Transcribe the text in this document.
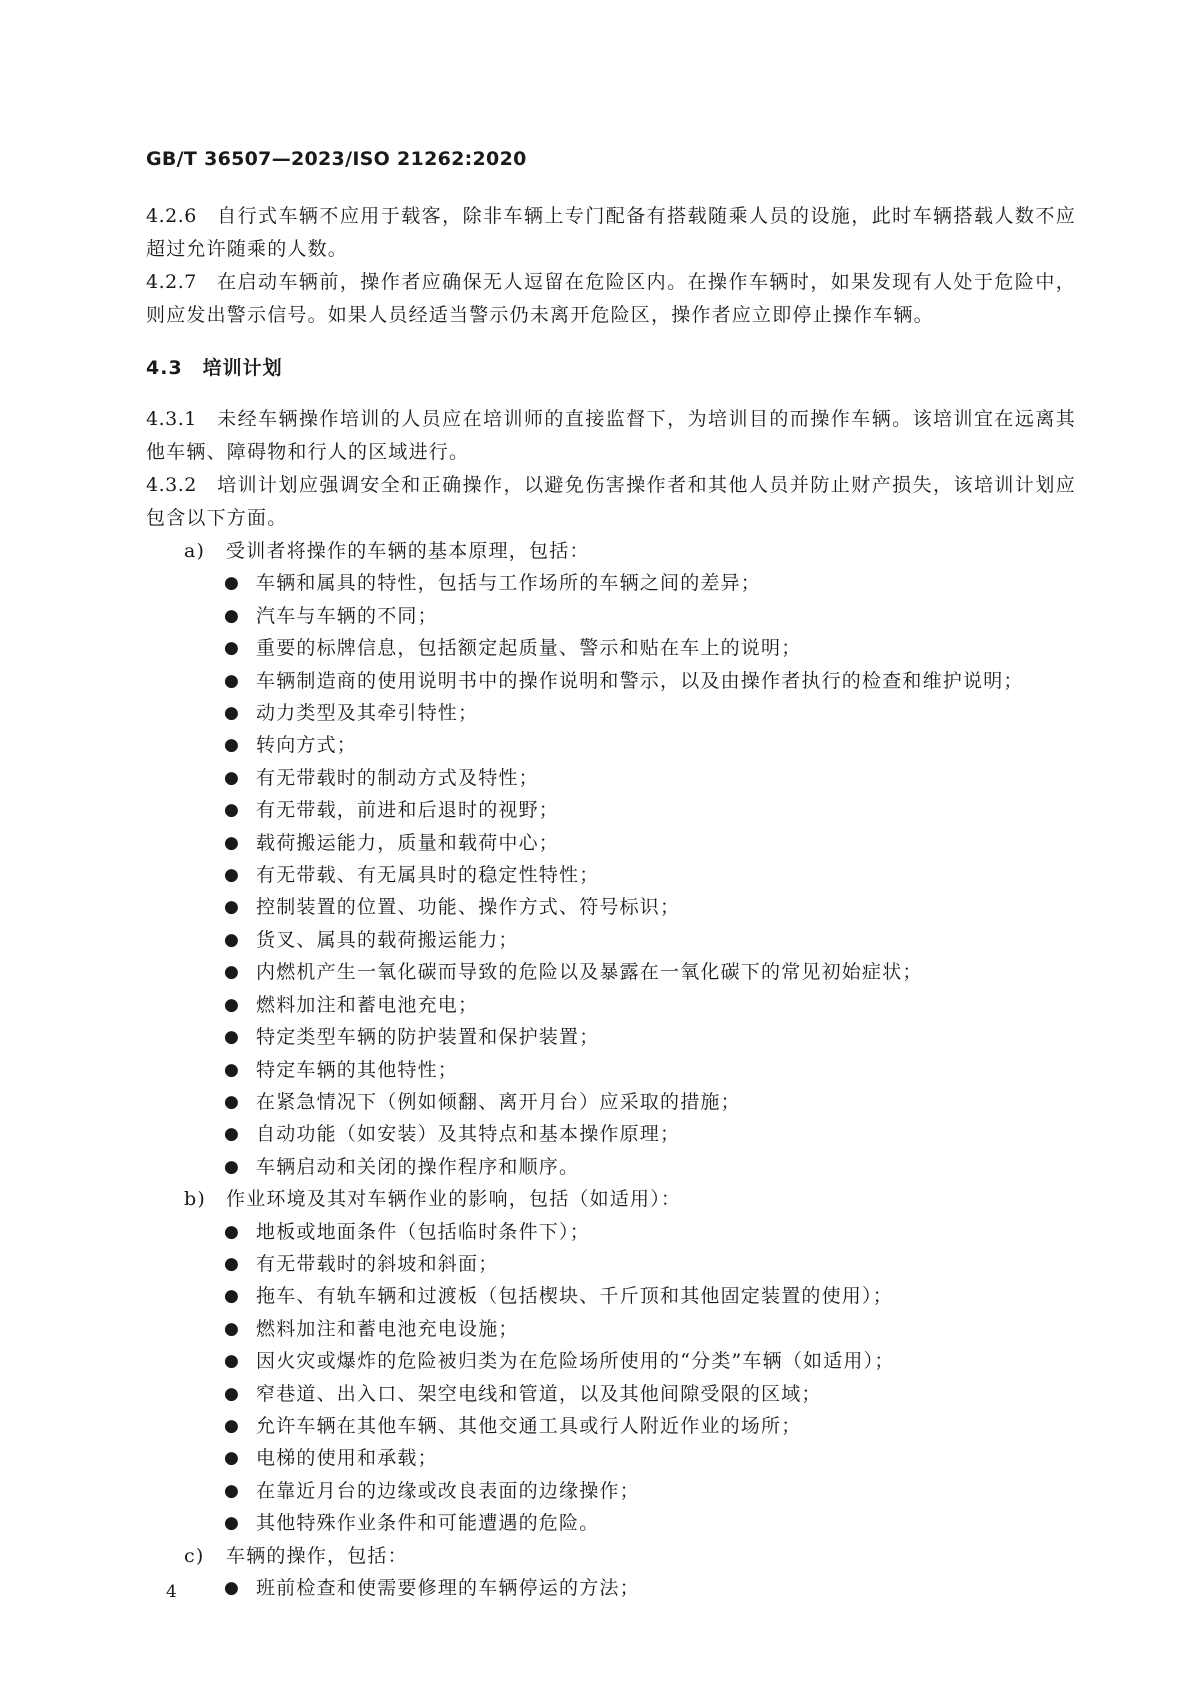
GB/T 36507—2023/ISO 21262:2020

4.2.6 自行式车辆不应用于载客，除非车辆上专门配备有搭载随乘人员的设施，此时车辆搭载人数不应超过允许随乘的人数。

4.2.7 在启动车辆前，操作者应确保无人逗留在危险区内。在操作车辆时，如果发现有人处于危险中，则应发出警示信号。如果人员经适当警示仍未离开危险区，操作者应立即停止操作车辆。

4.3 培训计划

4.3.1 未经车辆操作培训的人员应在培训师的直接监督下，为培训目的而操作车辆。该培训宜在远离其他车辆、障碍物和行人的区域进行。

4.3.2 培训计划应强调安全和正确操作，以避免伤害操作者和其他人员并防止财产损失，该培训计划应包含以下方面。

a) 受训者将操作的车辆的基本原理，包括：

● 车辆和属具的特性，包括与工作场所的车辆之间的差异；
● 汽车与车辆的不同；
● 重要的标牌信息，包括额定起质量、警示和贴在车上的说明；
● 车辆制造商的使用说明书中的操作说明和警示，以及由操作者执行的检查和维护说明；
● 动力类型及其牵引特性；
● 转向方式；
● 有无带载时的制动方式及特性；
● 有无带载，前进和后退时的视野；
● 载荷搬运能力，质量和载荷中心；
● 有无带载、有无属具时的稳定性特性；
● 控制装置的位置、功能、操作方式、符号标识；
● 货叉、属具的载荷搬运能力；
● 内燃机产生一氧化碳而导致的危险以及暴露在一氧化碳下的常见初始症状；
● 燃料加注和蓄电池充电；
● 特定类型车辆的防护装置和保护装置；
● 特定车辆的其他特性；
● 在紧急情况下（例如倾翻、离开月台）应采取的措施；
● 自动功能（如安装）及其特点和基本操作原理；
● 车辆启动和关闭的操作程序和顺序。

b) 作业环境及其对车辆作业的影响，包括（如适用）：

● 地板或地面条件（包括临时条件下）；
● 有无带载时的斜坡和斜面；
● 拖车、有轨车辆和过渡板（包括楔块、千斤顶和其他固定装置的使用）；
● 燃料加注和蓄电池充电设施；
● 因火灾或爆炸的危险被归类为在危险场所使用的“分类”车辆（如适用）；
● 窄巷道、出入口、架空电线和管道，以及其他间隙受限的区域；
● 允许车辆在其他车辆、其他交通工具或行人附近作业的场所；
● 电梯的使用和承载；
● 在靠近月台的边缘或改良表面的边缘操作；
● 其他特殊作业条件和可能遭遇的危险。

c) 车辆的操作，包括：

● 班前检查和使需要修理的车辆停运的方法；
4
